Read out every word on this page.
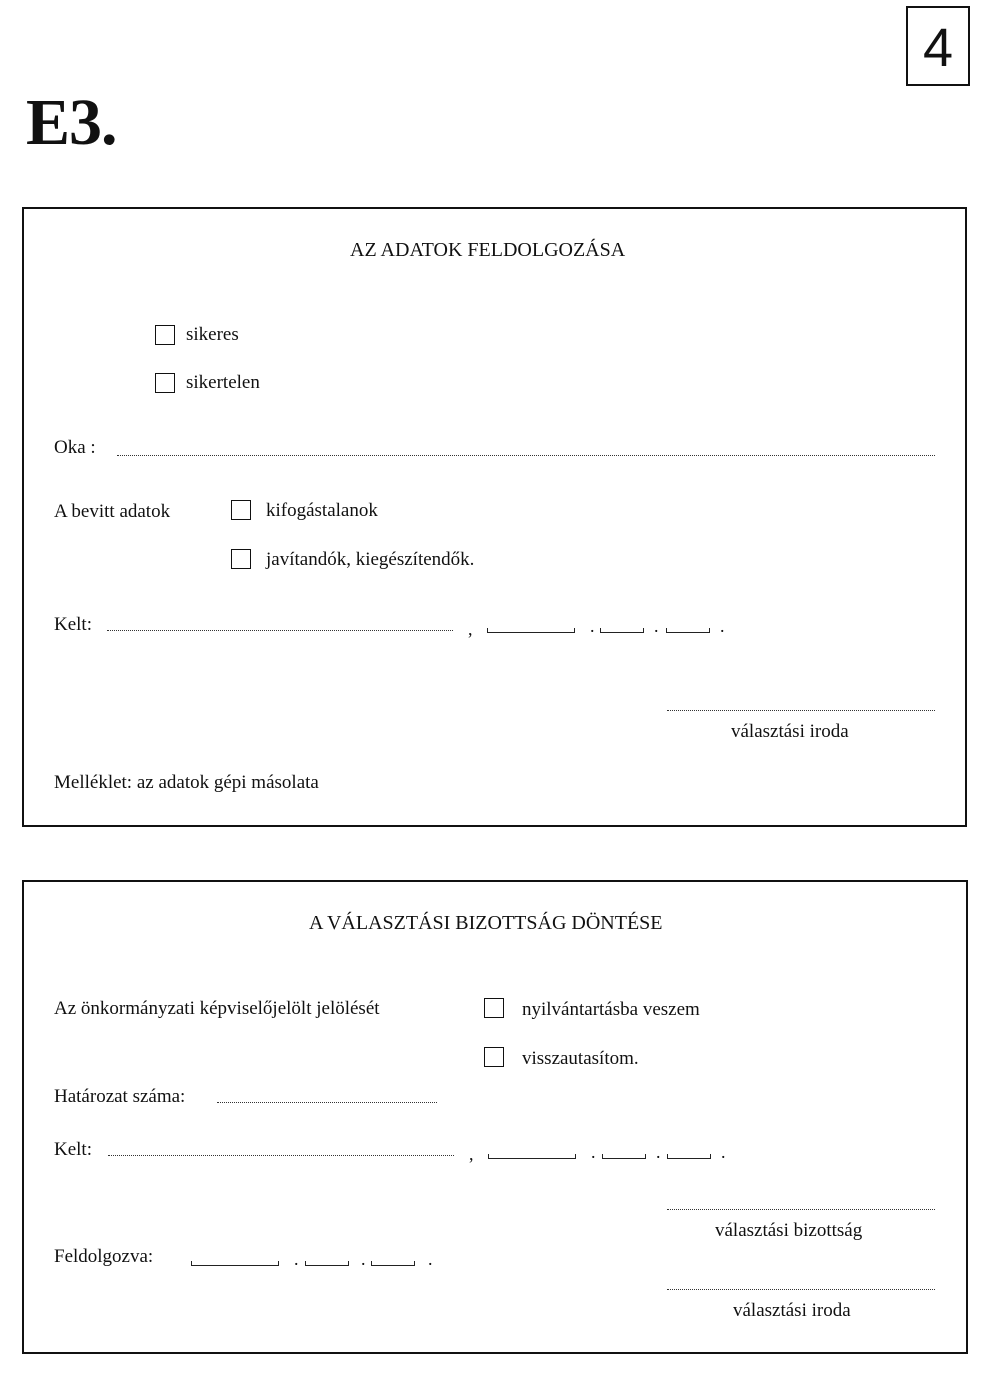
E3.
4
AZ ADATOK FELDOLGOZÁSA
sikeres
sikertelen
Oka :
A bevitt adatok	kifogástalanok
javítandók, kiegészítendők.
Kelt:	,	.	.	.
választási iroda
Melléklet: az adatok gépi másolata
A VÁLASZTÁSI BIZOTTSÁG DÖNTÉSE
Az önkormányzati képviselőjelölt jelölését	nyilvántartásba veszem
visszautasítom.
Határozat száma:
Kelt:	,	.	.	.
választási bizottság
Feldolgozva:	.	.	.
választási iroda
